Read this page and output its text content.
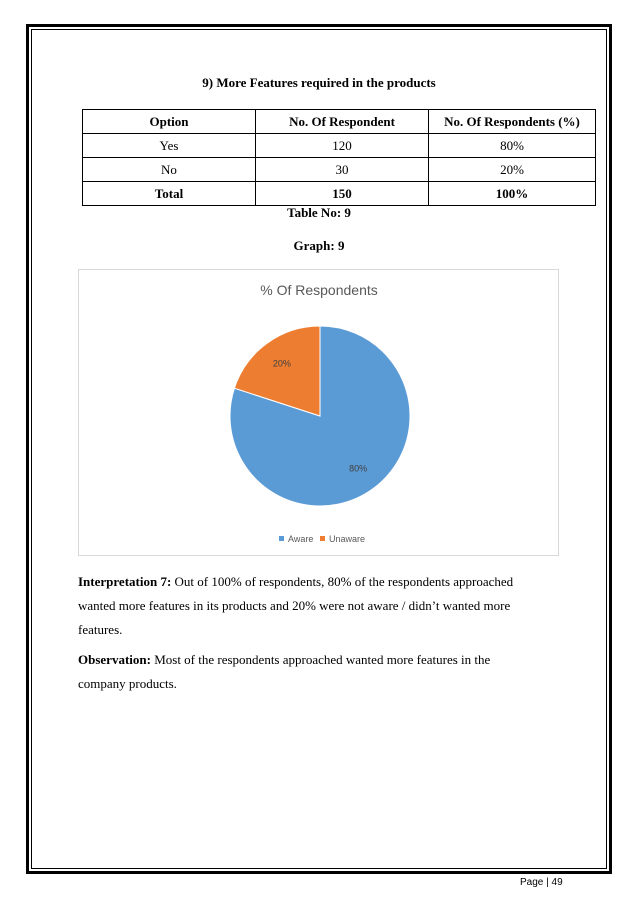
9) More Features required in the products
Option	No. Of Respondent	No. Of Respondents (%)
Yes	120	80%
No	30	20%
Total	150	100%
Table No: 9
Graph: 9
% Of Respondents
80%
20%
Aware Unaware
Interpretation 7: Out of 100% of respondents, 80% of the respondents approached wanted more features in its products and 20% were not aware / didn’t wanted more features.
Observation: Most of the respondents approached wanted more features in the company products.
Page | 49
